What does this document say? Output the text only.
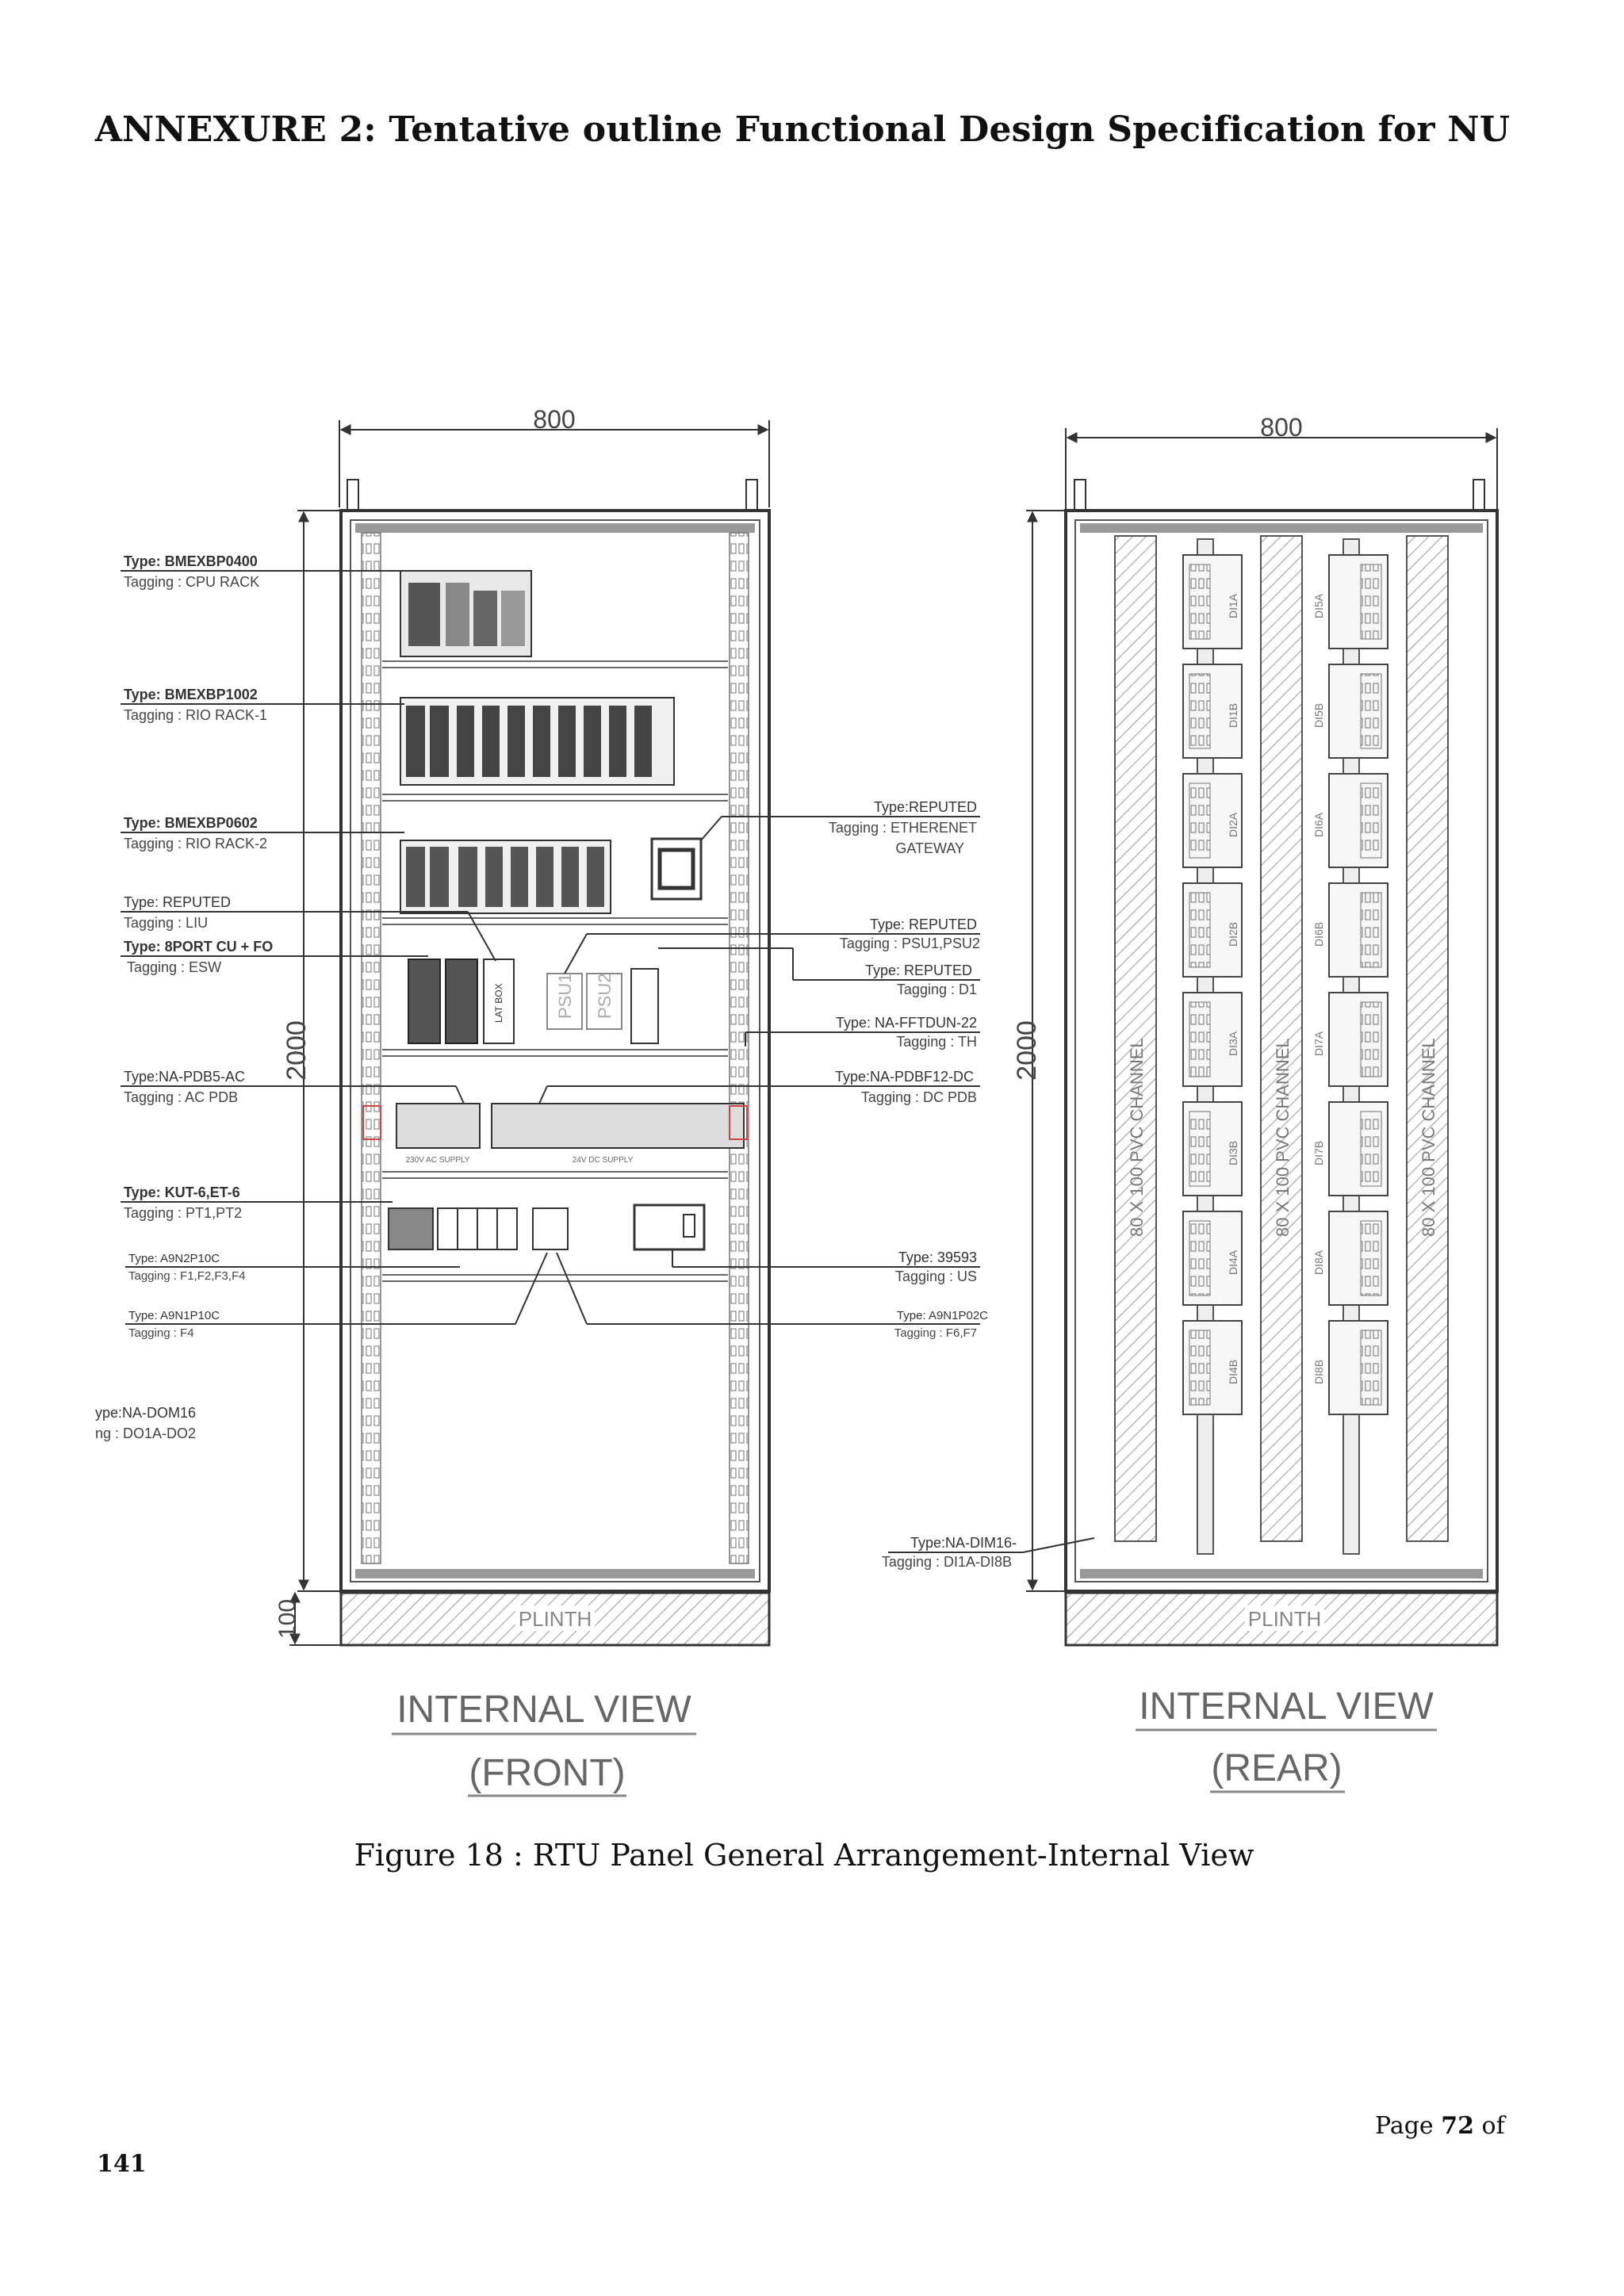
ANNEXURE 2: Tentative outline Functional Design Specification for NU
800
2000
100
LAT BOX	PSU1 PSU2
230V AC SUPPLY	24V DC SUPPLY
PLINTH
INTERNAL VIEW
(FRONT)
Type: BMEXBP0400
Tagging : CPU RACK
Type: BMEXBP1002
Tagging : RIO RACK-1
Type: BMEXBP0602
Tagging : RIO RACK-2
Type: REPUTED
Tagging : LIU
Type: 8PORT CU + FO
Tagging : ESW
Type:NA-PDB5-AC
Tagging : AC PDB
Type: KUT-6,ET-6
Tagging : PT1,PT2
Type: A9N2P10C
Tagging : F1,F2,F3,F4
Type: A9N1P10C
Tagging : F4
ype:NA-DOM16
ng : DO1A-DO2
Type:REPUTED
Tagging : ETHERENET
GATEWAY
Type: REPUTED
Tagging : PSU1,PSU2
Type: REPUTED
Tagging : D1
Type: NA-FFTDUN-22
Tagging : TH
Type:NA-PDBF12-DC
Tagging : DC PDB
Type: 39593
Tagging : US
Type: A9N1P02C
Tagging : F6,F7
800
2000	80 X 100 PVC CHANNEL	80 X 100 PVC CHANNEL	80 X 100 PVC CHANNEL
DI1A
DI1B
DI2A
DI2B
DI3A
DI3B
DI4A
DI4B
DI5A
DI5B
DI6A
DI6B
DI7A
DI7B
DI8A
DI8B
Type:NA-DIM16-
Tagging : DI1A-DI8B
PLINTH
INTERNAL VIEW
(REAR)
Figure 18 : RTU Panel General Arrangement-Internal View
Page 72 of
141
